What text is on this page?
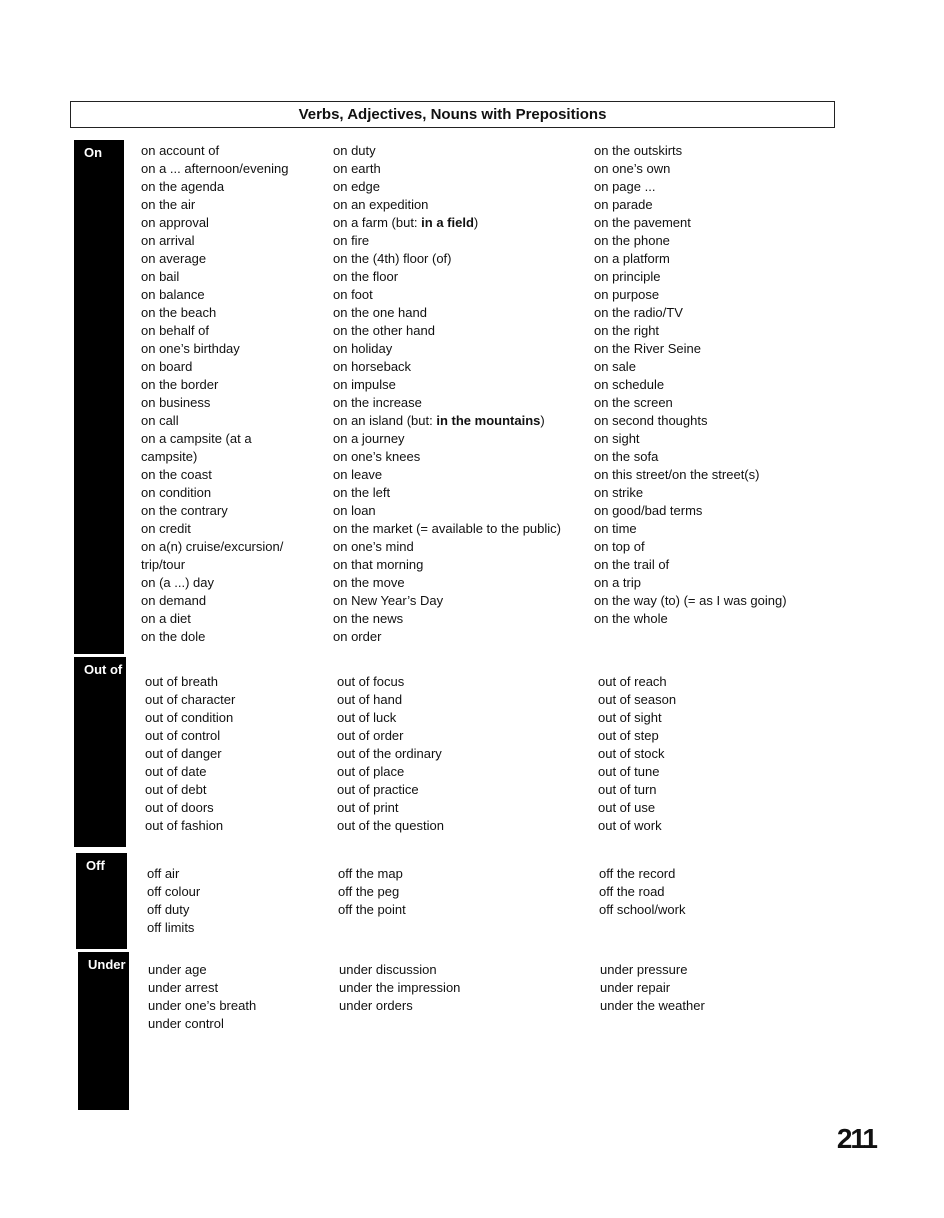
Verbs, Adjectives, Nouns with Prepositions
On	on account of
on a ... afternoon/evening
on the agenda
on the air
on approval
on arrival
on average
on bail
on balance
on the beach
on behalf of
on one’s birthday
on board
on the border
on business
on call
on a campsite (at a
campsite)
on the coast
on condition
on the contrary
on credit
on a(n) cruise/excursion/
trip/tour
on (a ...) day
on demand
on a diet
on the dole
on duty
on earth
on edge
on an expedition
on a farm (but: in a field)
on fire
on the (4th) floor (of)
on the floor
on foot
on the one hand
on the other hand
on holiday
on horseback
on impulse
on the increase
on an island (but: in the mountains)
on a journey
on one’s knees
on leave
on the left
on loan
on the market (= available to the public)
on one’s mind
on that morning
on the move
on New Year’s Day
on the news
on order
on the outskirts
on one’s own
on page ...
on parade
on the pavement
on the phone
on a platform
on principle
on purpose
on the radio/TV
on the right
on the River Seine
on sale
on schedule
on the screen
on second thoughts
on sight
on the sofa
on this street/on the street(s)
on strike
on good/bad terms
on time
on top of
on the trail of
on a trip
on the way (to) (= as I was going)
on the whole
Out of
out of breath
out of character
out of condition
out of control
out of danger
out of date
out of debt
out of doors
out of fashion
out of focus
out of hand
out of luck
out of order
out of the ordinary
out of place
out of practice
out of print
out of the question
out of reach
out of season
out of sight
out of step
out of stock
out of tune
out of turn
out of use
out of work
Off
off air
off colour
off duty
off limits
off the map
off the peg
off the point
off the record
off the road
off school/work
Under under age
under arrest
under one’s breath
under control
under discussion
under the impression
under orders
under pressure
under repair
under the weather
211
